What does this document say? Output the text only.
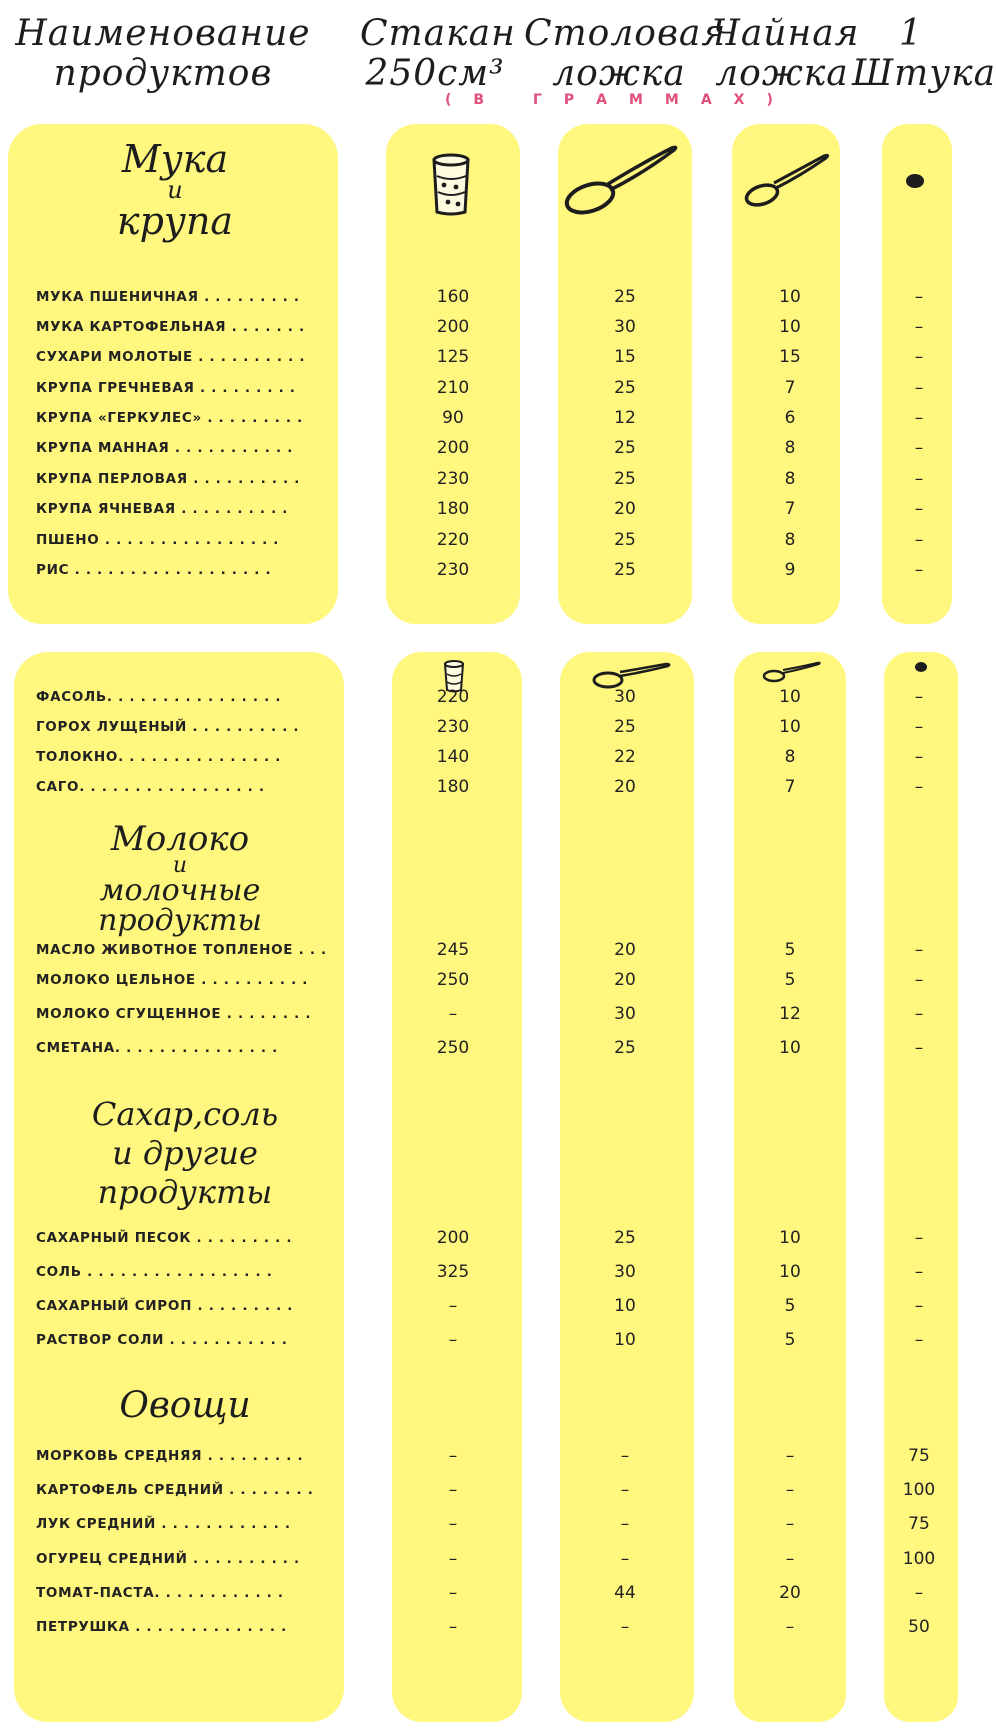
Наименование
продуктов
Стакан
250см³
Столовая
ложка
Чайная
ложка
1
Штука
(В ГРАММАХ)
Мука
и
крупа
Молоко
и
молочные
продукты
Сахар,соль
и другие
продукты
Овощи
МУКА ПШЕНИЧНАЯ . . . . . . . . .	160	25	10	–
МУКА КАРТОФЕЛЬНАЯ . . . . . . .	200	30	10	–
СУХАРИ МОЛОТЫЕ . . . . . . . . . .	125	15	15	–
КРУПА ГРЕЧНЕВАЯ . . . . . . . . .	210	25	7	–
КРУПА «ГЕРКУЛЕС» . . . . . . . . .	90	12	6	–
КРУПА МАННАЯ . . . . . . . . . . .	200	25	8	–
КРУПА ПЕРЛОВАЯ . . . . . . . . . .	230	25	8	–
КРУПА ЯЧНЕВАЯ . . . . . . . . . .	180	20	7	–
ПШЕНО . . . . . . . . . . . . . . . .	220	25	8	–
РИС . . . . . . . . . . . . . . . . . .	230	25	9	–
ФАСОЛЬ. . . . . . . . . . . . . . . .	220	30	10	–
ГОРОХ ЛУЩЕНЫЙ . . . . . . . . . .	230	25	10	–
ТОЛОКНО. . . . . . . . . . . . . . .	140	22	8	–
САГО. . . . . . . . . . . . . . . . .	180	20	7	–
МАСЛО ЖИВОТНОЕ ТОПЛЕНОЕ . . .	245	20	5	–
МОЛОКО ЦЕЛЬНОЕ . . . . . . . . . .	250	20	5	–
МОЛОКО СГУЩЕННОЕ . . . . . . . .	–	30	12	–
СМЕТАНА. . . . . . . . . . . . . . .	250	25	10	–
САХАРНЫЙ ПЕСОК . . . . . . . . .	200	25	10	–
СОЛЬ . . . . . . . . . . . . . . . . .	325	30	10	–
САХАРНЫЙ СИРОП . . . . . . . . .	–	10	5	–
РАСТВОР СОЛИ . . . . . . . . . . .	–	10	5	–
МОРКОВЬ СРЕДНЯЯ . . . . . . . . .	–	–	–	75
КАРТОФЕЛЬ СРЕДНИЙ . . . . . . . .	–	–	–	100
ЛУК СРЕДНИЙ . . . . . . . . . . . .	–	–	–	75
ОГУРЕЦ СРЕДНИЙ . . . . . . . . . .	–	–	–	100
ТОМАТ-ПАСТА. . . . . . . . . . . .	–	44	20	–
ПЕТРУШКА . . . . . . . . . . . . . .	–	–	–	50
